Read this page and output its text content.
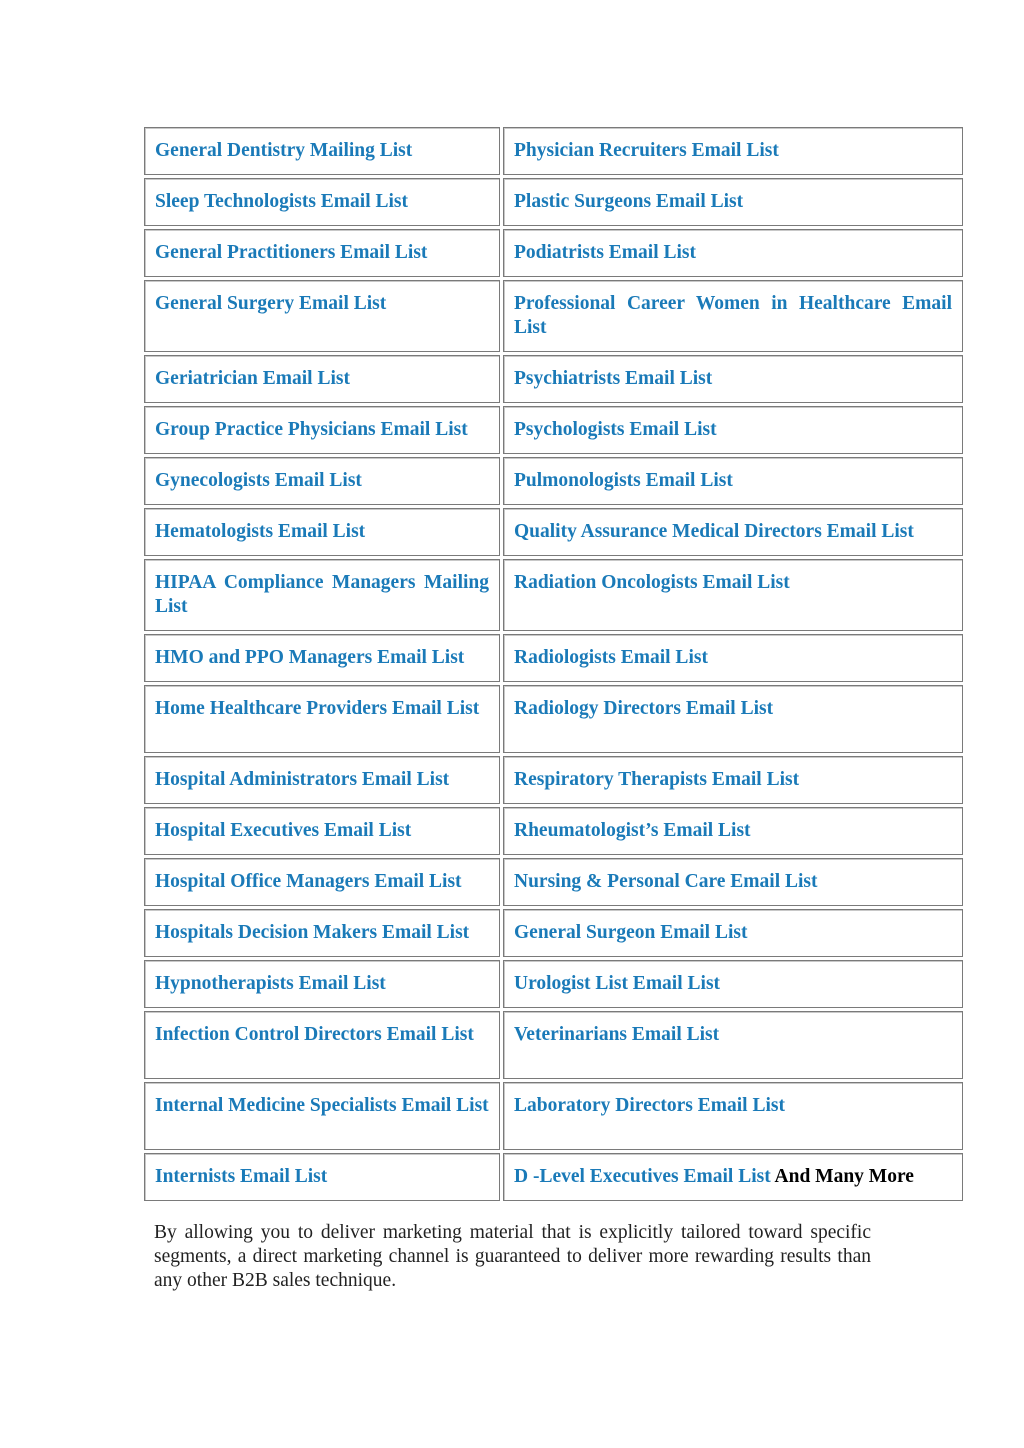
General Dentistry Mailing List	Physician Recruiters Email List
Sleep Technologists Email List	Plastic Surgeons Email List
General Practitioners Email List	Podiatrists Email List
General Surgery Email List	Professional Career Women in Healthcare Email List
Geriatrician Email List	Psychiatrists Email List
Group Practice Physicians Email List	Psychologists Email List
Gynecologists Email List	Pulmonologists Email List
Hematologists Email List	Quality Assurance Medical Directors Email List
HIPAA Compliance Managers Mailing List	Radiation Oncologists Email List
HMO and PPO Managers Email List	Radiologists Email List
Home Healthcare Providers Email List	Radiology Directors Email List
Hospital Administrators Email List	Respiratory Therapists Email List
Hospital Executives Email List	Rheumatologist’s Email List
Hospital Office Managers Email List	Nursing & Personal Care Email List
Hospitals Decision Makers Email List	General Surgeon Email List
Hypnotherapists Email List	Urologist List Email List
Infection Control Directors Email List	Veterinarians Email List
Internal Medicine Specialists Email List	Laboratory Directors Email List
Internists Email List	D -Level Executives Email List And Many More

By allowing you to deliver marketing material that is explicitly tailored toward specific segments, a direct marketing channel is guaranteed to deliver more rewarding results than any other B2B sales technique.
